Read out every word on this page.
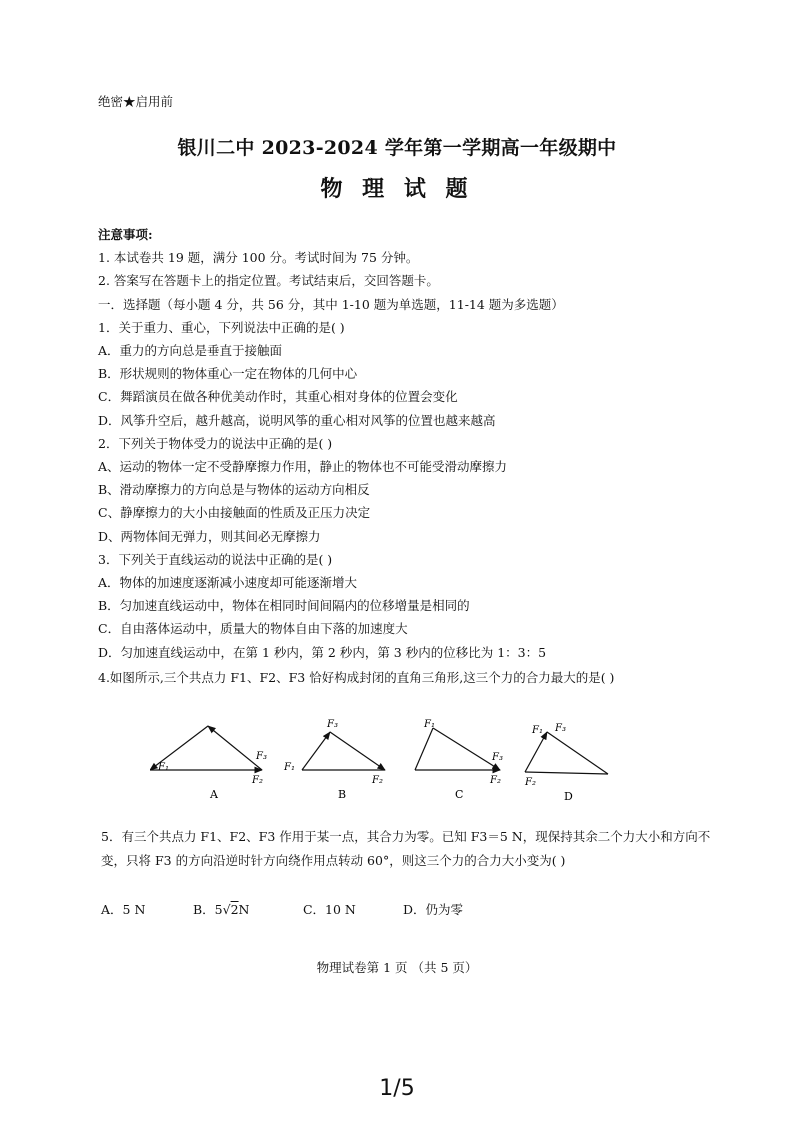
绝密★启用前
银川二中 2023-2024 学年第一学期高一年级期中
物 理 试 题
注意事项:
1. 本试卷共 19 题，满分 100 分。考试时间为 75 分钟。
2. 答案写在答题卡上的指定位置。考试结束后，交回答题卡。
一．选择题（每小题 4 分，共 56 分，其中 1-10 题为单选题，11-14 题为多选题）
1．关于重力、重心，下列说法中正确的是( )
A．重力的方向总是垂直于接触面
B．形状规则的物体重心一定在物体的几何中心
C．舞蹈演员在做各种优美动作时，其重心相对身体的位置会变化
D．风筝升空后，越升越高，说明风筝的重心相对风筝的位置也越来越高
2．下列关于物体受力的说法中正确的是( )
A、运动的物体一定不受静摩擦力作用，静止的物体也不可能受滑动摩擦力
B、滑动摩擦力的方向总是与物体的运动方向相反
C、静摩擦力的大小由接触面的性质及正压力决定
D、两物体间无弹力，则其间必无摩擦力
3．下列关于直线运动的说法中正确的是( )
A．物体的加速度逐渐减小速度却可能逐渐增大
B．匀加速直线运动中，物体在相同时间间隔内的位移增量是相同的
C．自由落体运动中，质量大的物体自由下落的加速度大
D．匀加速直线运动中，在第 1 秒内，第 2 秒内，第 3 秒内的位移比为 1：3：5
4.如图所示,三个共点力 F1、F2、F3 恰好构成封闭的直角三角形,这三个力的合力最大的是( )
F₁
F₃
F₂
A
F₃
F₁
F₂
B
F₁
F₃
F₂
C
F₁ F₃
F₂
D
5．有三个共点力 F1、F2、F3 作用于某一点，其合力为零。已知 F3＝5 N，现保持其余二个力大小和方向不变，只将 F3 的方向沿逆时针方向绕作用点转动 60°，则这三个力的合力大小变为( )
A．5 N	B．5√2N	C．10 N	D．仍为零
物理试卷第 1 页 （共 5 页）
1/5
